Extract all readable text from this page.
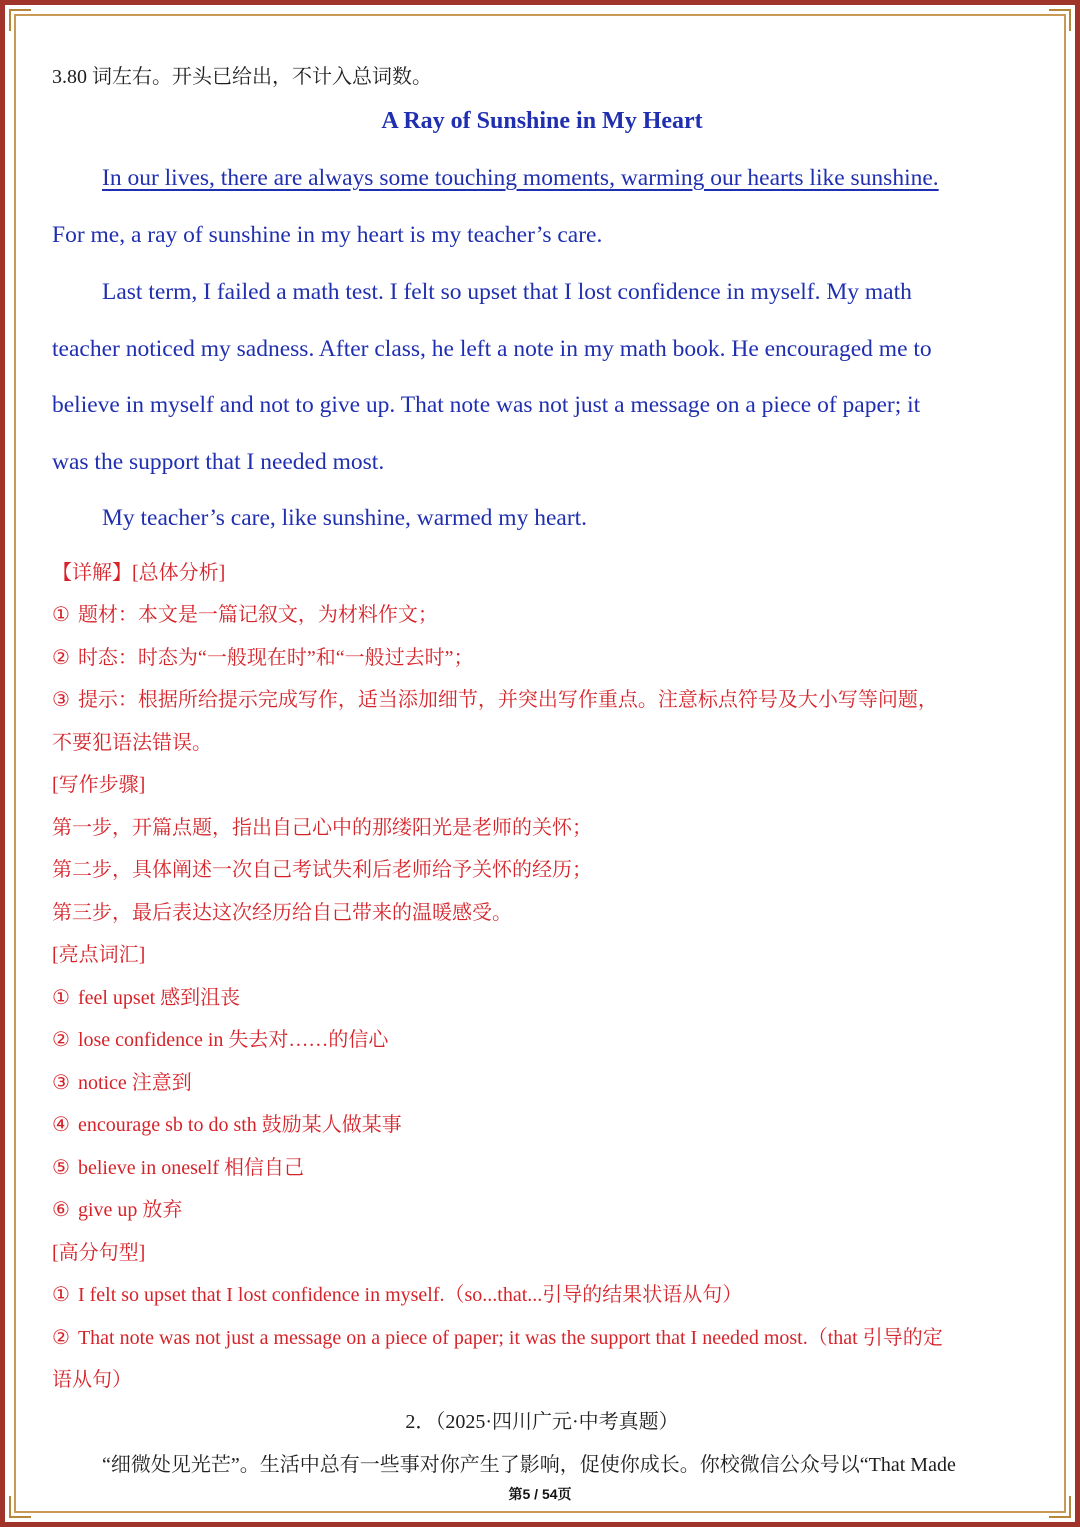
3.80 词左右。开头已给出，不计入总词数。
A Ray of Sunshine in My Heart
In our lives, there are always some touching moments, warming our hearts like sunshine.
For me, a ray of sunshine in my heart is my teacher’s care.
Last term, I failed a math test. I felt so upset that I lost confidence in myself. My math
teacher noticed my sadness. After class, he left a note in my math book. He encouraged me to
believe in myself and not to give up. That note was not just a message on a piece of paper; it
was the support that I needed most.
My teacher’s care, like sunshine, warmed my heart.
【详解】[总体分析]
① 题材：本文是一篇记叙文，为材料作文；
② 时态：时态为“一般现在时”和“一般过去时”；
③ 提示：根据所给提示完成写作，适当添加细节，并突出写作重点。注意标点符号及大小写等问题，
不要犯语法错误。
[写作步骤]
第一步，开篇点题，指出自己心中的那缕阳光是老师的关怀；
第二步，具体阐述一次自己考试失利后老师给予关怀的经历；
第三步，最后表达这次经历给自己带来的温暖感受。
[亮点词汇]
① feel upset 感到沮丧
② lose confidence in 失去对……的信心
③ notice 注意到
④ encourage sb to do sth 鼓励某人做某事
⑤ believe in oneself 相信自己
⑥ give up 放弃
[高分句型]
① I felt so upset that I lost confidence in myself.（so...that...引导的结果状语从句）
② That note was not just a message on a piece of paper; it was the support that I needed most.（that 引导的定
语从句）
2．（2025·四川广元·中考真题）
“细微处见光芒”。生活中总有一些事对你产生了影响，促使你成长。你校微信公众号以“That Made
第5 / 54页
